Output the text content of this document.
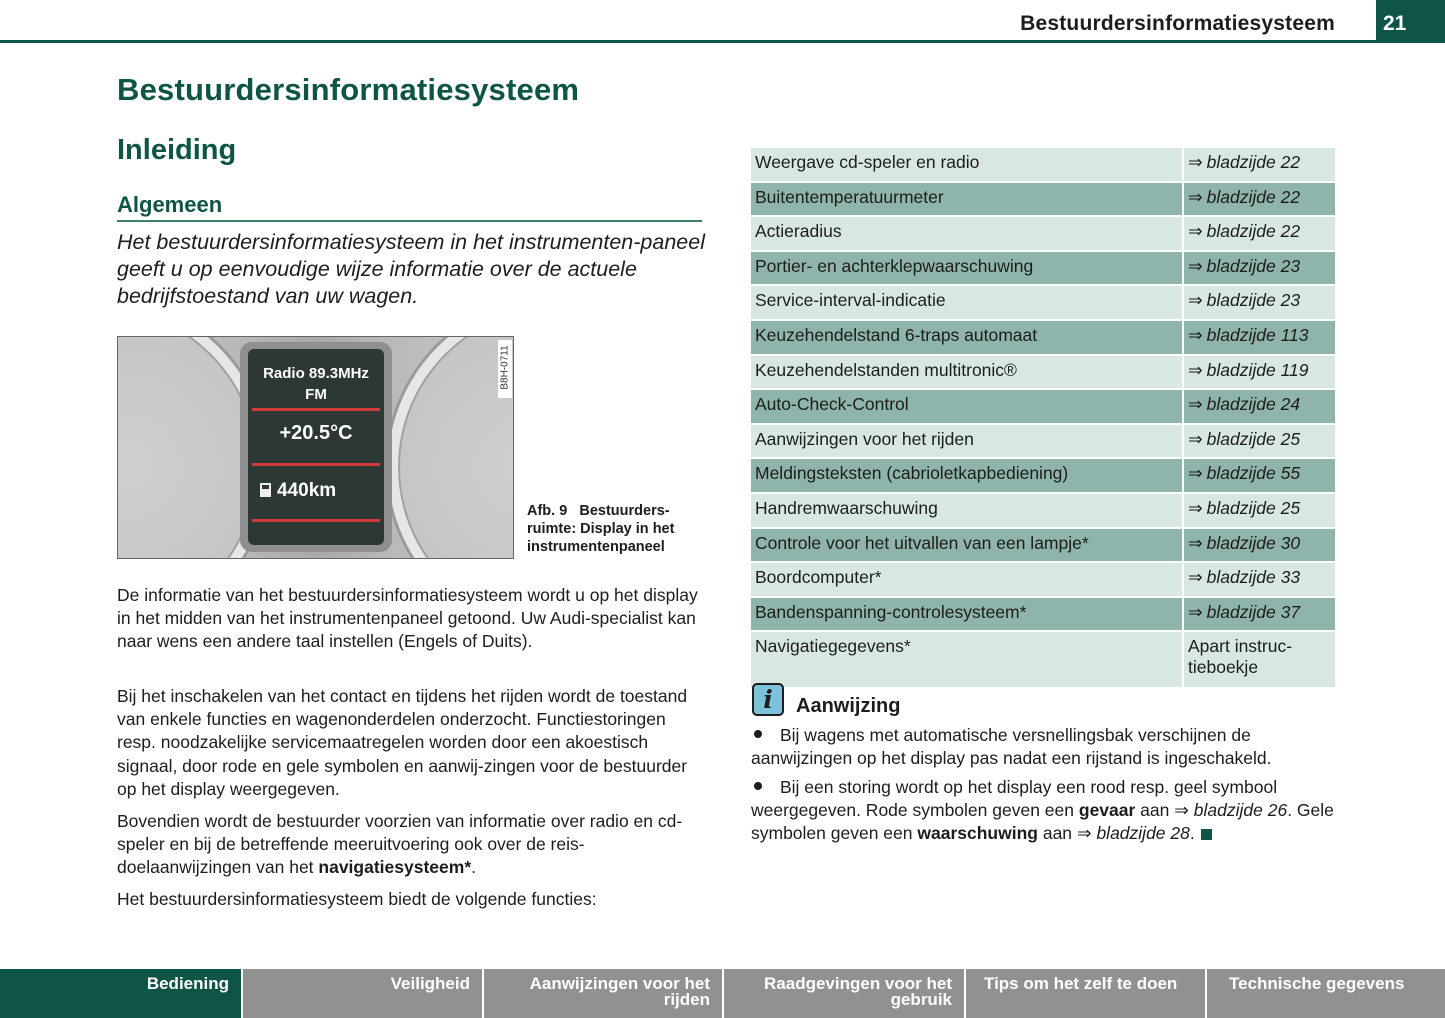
Bestuurdersinformatiesysteem 21
Bestuurdersinformatiesysteem
Inleiding
Algemeen
Het bestuurdersinformatiesysteem in het instrumenten-paneel geeft u op eenvoudige wijze informatie over de actuele bedrijfstoestand van uw wagen.
Radio 89.3MHz
FM
+20.5°C
440km
B8H-0711
Afb. 9 Bestuurders-ruimte: Display in het instrumentenpaneel
De informatie van het bestuurdersinformatiesysteem wordt u op het display in het midden van het instrumentenpaneel getoond. Uw Audi-specialist kan naar wens een andere taal instellen (Engels of Duits).
Bij het inschakelen van het contact en tijdens het rijden wordt de toestand van enkele functies en wagenonderdelen onderzocht. Functiestoringen resp. noodzakelijke servicemaatregelen worden door een akoestisch signaal, door rode en gele symbolen en aanwij-zingen voor de bestuurder op het display weergegeven.
Bovendien wordt de bestuurder voorzien van informatie over radio en cd-speler en bij de betreffende meeruitvoering ook over de reis-doelaanwijzingen van het navigatiesysteem*.
Het bestuurdersinformatiesysteem biedt de volgende functies:
Weergave cd-speler en radio	⇒ bladzijde 22
Buitentemperatuurmeter	⇒ bladzijde 22
Actieradius	⇒ bladzijde 22
Portier- en achterklepwaarschuwing	⇒ bladzijde 23
Service-interval-indicatie	⇒ bladzijde 23
Keuzehendelstand 6-traps automaat	⇒ bladzijde 113
Keuzehendelstanden multitronic®	⇒ bladzijde 119
Auto-Check-Control	⇒ bladzijde 24
Aanwijzingen voor het rijden	⇒ bladzijde 25
Meldingsteksten (cabrioletkapbediening)	⇒ bladzijde 55
Handremwaarschuwing	⇒ bladzijde 25
Controle voor het uitvallen van een lampje*	⇒ bladzijde 30
Boordcomputer*	⇒ bladzijde 33
Bandenspanning-controlesysteem*	⇒ bladzijde 37
Navigatiegegevens*	Apart instruc-tieboekje
i	Aanwijzing
Bij wagens met automatische versnellingsbak verschijnen de aanwijzingen op het display pas nadat een rijstand is ingeschakeld.
Bij een storing wordt op het display een rood resp. geel symbool weergegeven. Rode symbolen geven een gevaar aan ⇒ bladzijde 26. Gele symbolen geven een waarschuwing aan ⇒ bladzijde 28.
Bediening	Veiligheid	Aanwijzingen voor het rijden
Raadgevingen voor het gebruik
Tips om het zelf te doen	Technische gegevens
